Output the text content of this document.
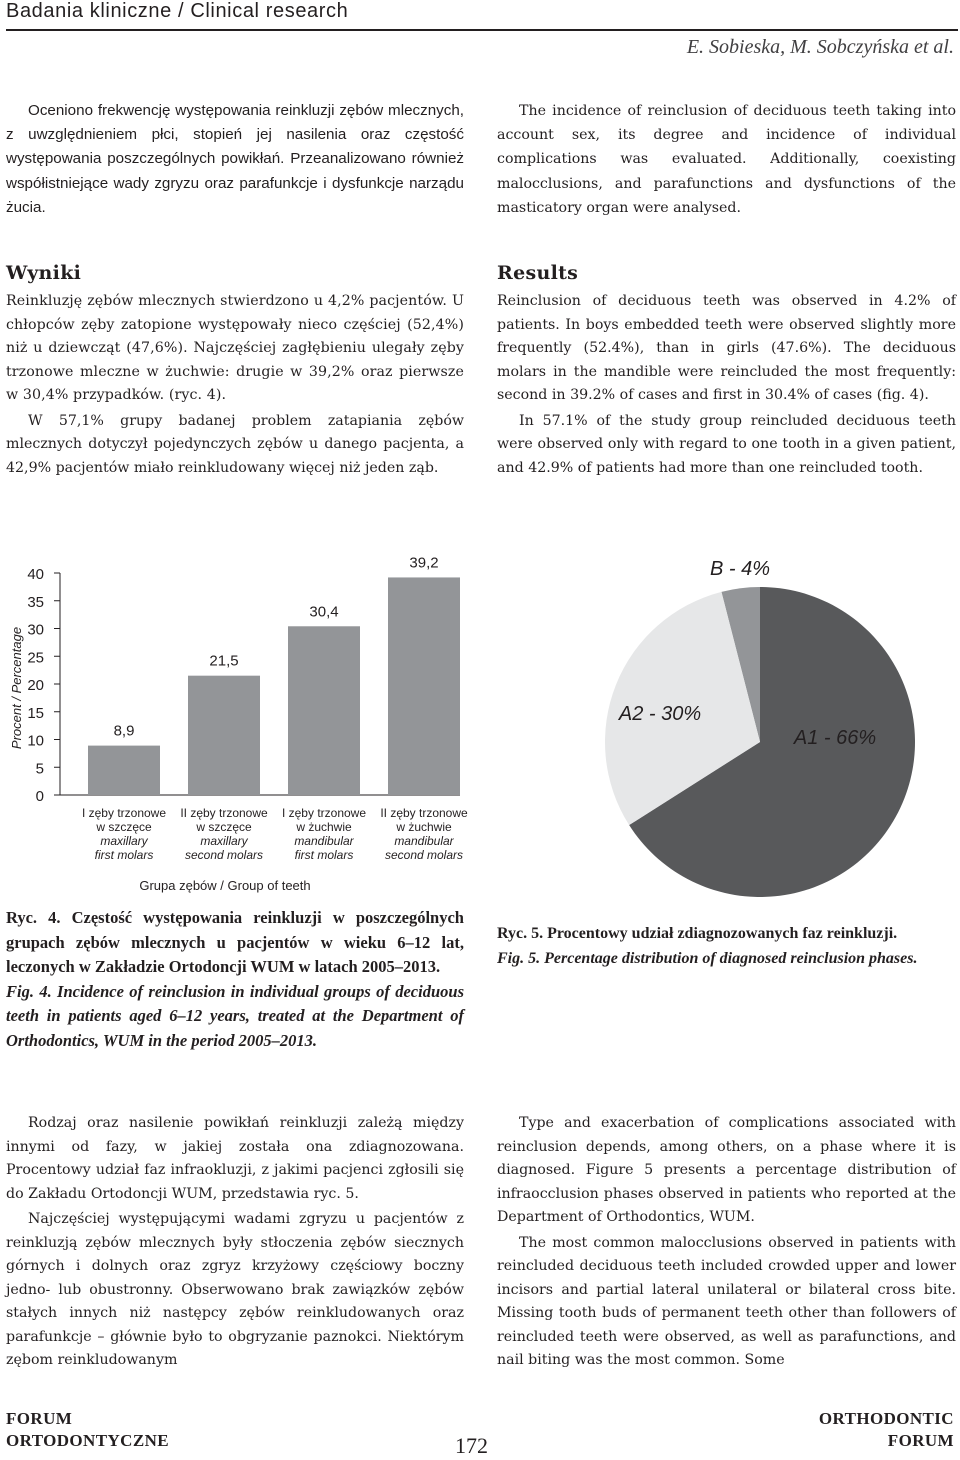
Badania kliniczne / Clinical research
E. Sobieska, M. Sobczyńska et al.

Oceniono frekwencję występowania reinkluzji zębów mlecznych, z uwzględnieniem płci, stopień jej nasilenia oraz częstość występowania poszczególnych powikłań. Przeanalizowano również współistniejące wady zgryzu oraz parafunkcje i dysfunkcje narządu żucia.

The incidence of reinclusion of deciduous teeth taking into account sex, its degree and incidence of individual complications was evaluated. Additionally, coexisting malocclusions, and parafunctions and dysfunctions of the masticatory organ were analysed.

Wyniki

Reinkluzję zębów mlecznych stwierdzono u 4,2% pacjentów. U chłopców zęby zatopione występowały nieco częściej (52,4%) niż u dziewcząt (47,6%). Najczęściej zagłębieniu ulegały zęby trzonowe mleczne w żuchwie: drugie w 39,2% oraz pierwsze w 30,4% przypadków. (ryc. 4).

W 57,1% grupy badanej problem zatapiania zębów mlecznych dotyczył pojedynczych zębów u danego pacjenta, a 42,9% pacjentów miało reinkludowany więcej niż jeden ząb.

Results

Reinclusion of deciduous teeth was observed in 4.2% of patients. In boys embedded teeth were observed slightly more frequently (52.4%), than in girls (47.6%). The deciduous molars in the mandible were reincluded the most frequently: second in 39.2% of cases and first in 30.4% of cases (fig. 4).

In 57.1% of the study group reincluded deciduous teeth were observed only with regard to one tooth in a given patient, and 42.9% of patients had more than one reincluded tooth.

0
5
10
15
20
25
30
35
40
Procent / Percentage	8,9
I zęby trzonowe
w szczęce
maxillary
first molars
21,5
II zęby trzonowe
w szczęce
maxillary
second molars
30,4
I zęby trzonowe
w żuchwie
mandibular
first molars
39,2
II zęby trzonowe
w żuchwie
mandibular
second molars
Grupa zębów / Group of teeth
A1 - 66%
A2 - 30%
B - 4%

Ryc. 4. Częstość występowania reinkluzji w poszczególnych grupach zębów mlecznych u pacjentów w wieku 6–12 lat, leczonych w Zakładzie Ortodoncji WUM w latach 2005–2013.

Fig. 4. Incidence of reinclusion in individual groups of deciduous teeth in patients aged 6–12 years, treated at the Department of Orthodontics, WUM in the period 2005–2013.

Ryc. 5. Procentowy udział zdiagnozowanych faz reinkluzji.

Fig. 5. Percentage distribution of diagnosed reinclusion phases.

Rodzaj oraz nasilenie powikłań reinkluzji zależą między innymi od fazy, w jakiej została ona zdiagnozowana. Procentowy udział faz infraokluzji, z jakimi pacjenci zgłosili się do Zakładu Ortodoncji WUM, przedstawia ryc. 5.

Najczęściej występującymi wadami zgryzu u pacjentów z reinkluzją zębów mlecznych były stłoczenia zębów siecznych górnych i dolnych oraz zgryz krzyżowy częściowy boczny jedno- lub obustronny. Obserwowano brak zawiązków zębów stałych innych niż następcy zębów reinkludowanych oraz parafunkcje – głównie było to obgryzanie paznokci. Niektórym zębom reinkludowanym

Type and exacerbation of complications associated with reinclusion depends, among others, on a phase where it is diagnosed. Figure 5 presents a percentage distribution of infraocclusion phases observed in patients who reported at the Department of Orthodontics, WUM.

The most common malocclusions observed in patients with reincluded deciduous teeth included crowded upper and lower incisors and partial lateral unilateral or bilateral cross bite. Missing tooth buds of permanent teeth other than followers of reincluded teeth were observed, as well as parafunctions, and nail biting was the most common. Some

FORUM
ORTODONTYCZNE	172
ORTHODONTIC
FORUM
